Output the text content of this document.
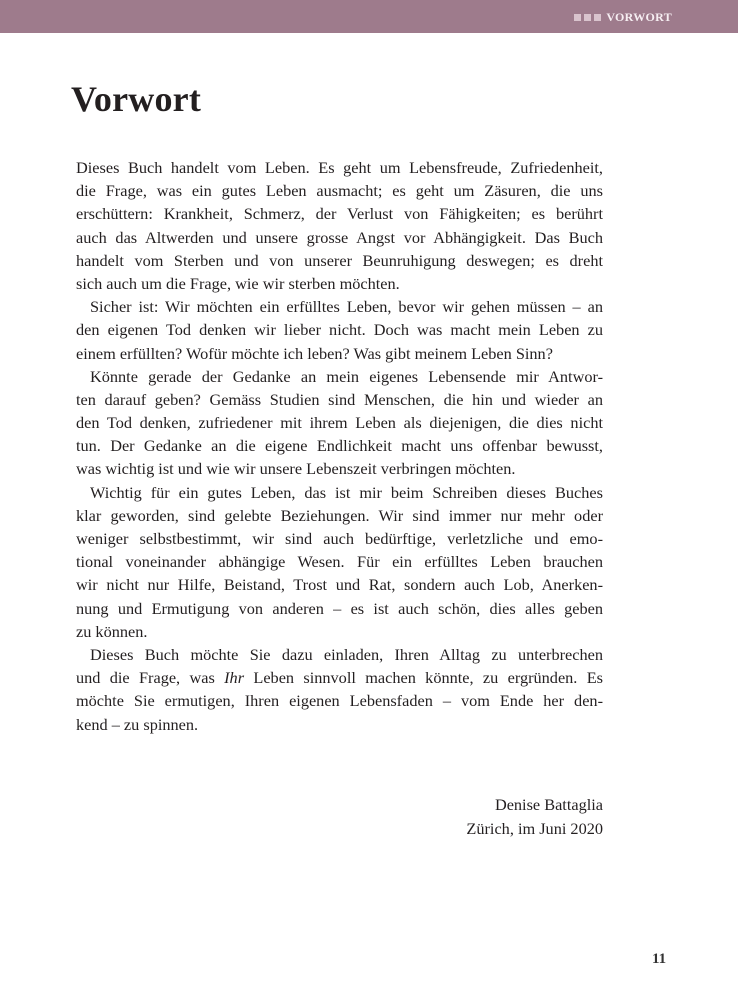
VORWORT
Vorwort
Dieses Buch handelt vom Leben. Es geht um Lebensfreude, Zufriedenheit,
die Frage, was ein gutes Leben ausmacht; es geht um Zäsuren, die uns
erschüttern: Krankheit, Schmerz, der Verlust von Fähigkeiten; es berührt
auch das Altwerden und unsere grosse Angst vor Abhängigkeit. Das Buch
handelt vom Sterben und von unserer Beunruhigung deswegen; es dreht
sich auch um die Frage, wie wir sterben möchten.
Sicher ist: Wir möchten ein erfülltes Leben, bevor wir gehen müssen – an
den eigenen Tod denken wir lieber nicht. Doch was macht mein Leben zu
einem erfüllten? Wofür möchte ich leben? Was gibt meinem Leben Sinn?
Könnte gerade der Gedanke an mein eigenes Lebensende mir Antwor-
ten darauf geben? Gemäss Studien sind Menschen, die hin und wieder an
den Tod denken, zufriedener mit ihrem Leben als diejenigen, die dies nicht
tun. Der Gedanke an die eigene Endlichkeit macht uns offenbar bewusst,
was wichtig ist und wie wir unsere Lebenszeit verbringen möchten.
Wichtig für ein gutes Leben, das ist mir beim Schreiben dieses Buches
klar geworden, sind gelebte Beziehungen. Wir sind immer nur mehr oder
weniger selbstbestimmt, wir sind auch bedürftige, verletzliche und emo-
tional voneinander abhängige Wesen. Für ein erfülltes Leben brauchen
wir nicht nur Hilfe, Beistand, Trost und Rat, sondern auch Lob, Anerken-
nung und Ermutigung von anderen – es ist auch schön, dies alles geben
zu können.
Dieses Buch möchte Sie dazu einladen, Ihren Alltag zu unterbrechen
und die Frage, was Ihr Leben sinnvoll machen könnte, zu ergründen. Es
möchte Sie ermutigen, Ihren eigenen Lebensfaden – vom Ende her den-
kend – zu spinnen.
Denise Battaglia
Zürich, im Juni 2020
11
